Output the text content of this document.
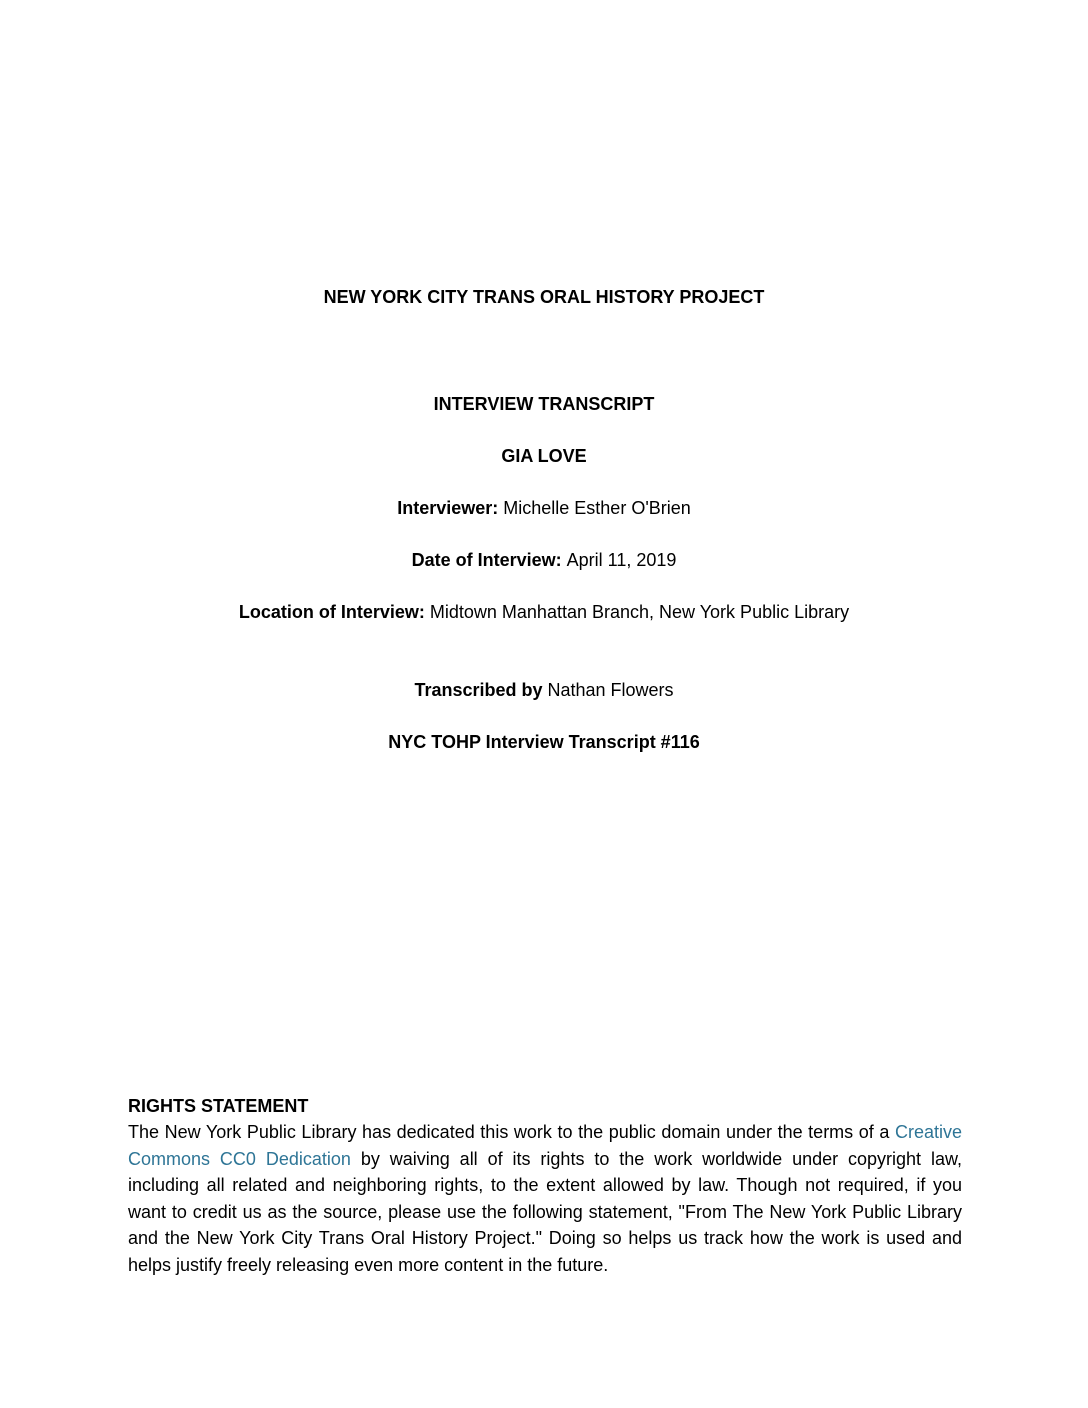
NEW YORK CITY TRANS ORAL HISTORY PROJECT
INTERVIEW TRANSCRIPT
GIA LOVE
Interviewer: Michelle Esther O'Brien
Date of Interview: April 11, 2019
Location of Interview: Midtown Manhattan Branch, New York Public Library
Transcribed by Nathan Flowers
NYC TOHP Interview Transcript #116
RIGHTS STATEMENT
The New York Public Library has dedicated this work to the public domain under the terms of a Creative Commons CC0 Dedication by waiving all of its rights to the work worldwide under copyright law, including all related and neighboring rights, to the extent allowed by law. Though not required, if you want to credit us as the source, please use the following statement, "From The New York Public Library and the New York City Trans Oral History Project." Doing so helps us track how the work is used and helps justify freely releasing even more content in the future.
